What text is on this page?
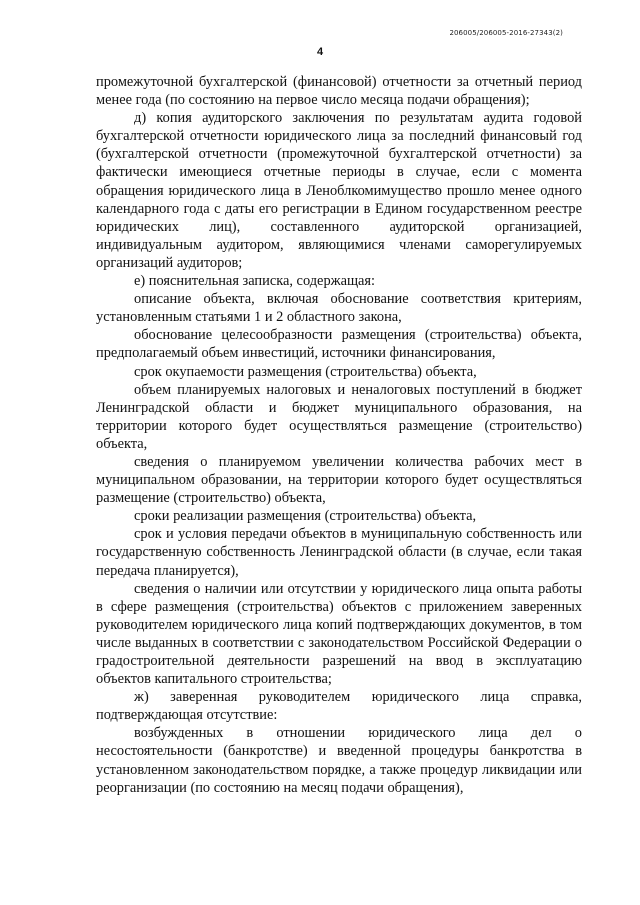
206005/206005-2016-27343(2)
4

промежуточной бухгалтерской (финансовой) отчетности за отчетный период менее года (по состоянию на первое число месяца подачи обращения);

д) копия аудиторского заключения по результатам аудита годовой бухгалтерской отчетности юридического лица за последний финансовый год (бухгалтерской отчетности (промежуточной бухгалтерской отчетности) за фактически имеющиеся отчетные периоды в случае, если с момента обращения юридического лица в Леноблкомимущество прошло менее одного календарного года с даты его регистрации в Едином государственном реестре юридических лиц), составленного аудиторской организацией, индивидуальным аудитором, являющимися членами саморегулируемых организаций аудиторов;

е) пояснительная записка, содержащая:

описание объекта, включая обоснование соответствия критериям, установленным статьями 1 и 2 областного закона,

обоснование целесообразности размещения (строительства) объекта, предполагаемый объем инвестиций, источники финансирования,

срок окупаемости размещения (строительства) объекта,

объем планируемых налоговых и неналоговых поступлений в бюджет Ленинградской области и бюджет муниципального образования, на территории которого будет осуществляться размещение (строительство) объекта,

сведения о планируемом увеличении количества рабочих мест в муниципальном образовании, на территории которого будет осуществляться размещение (строительство) объекта,

сроки реализации размещения (строительства) объекта,

срок и условия передачи объектов в муниципальную собственность или государственную собственность Ленинградской области (в случае, если такая передача планируется),

сведения о наличии или отсутствии у юридического лица опыта работы в сфере размещения (строительства) объектов с приложением заверенных руководителем юридического лица копий подтверждающих документов, в том числе выданных в соответствии с законодательством Российской Федерации о градостроительной деятельности разрешений на ввод в эксплуатацию объектов капитального строительства;

ж) заверенная руководителем юридического лица справка, подтверждающая отсутствие:

возбужденных в отношении юридического лица дел о несостоятельности (банкротстве) и введенной процедуры банкротства в установленном законодательством порядке, а также процедур ликвидации или реорганизации (по состоянию на месяц подачи обращения),
